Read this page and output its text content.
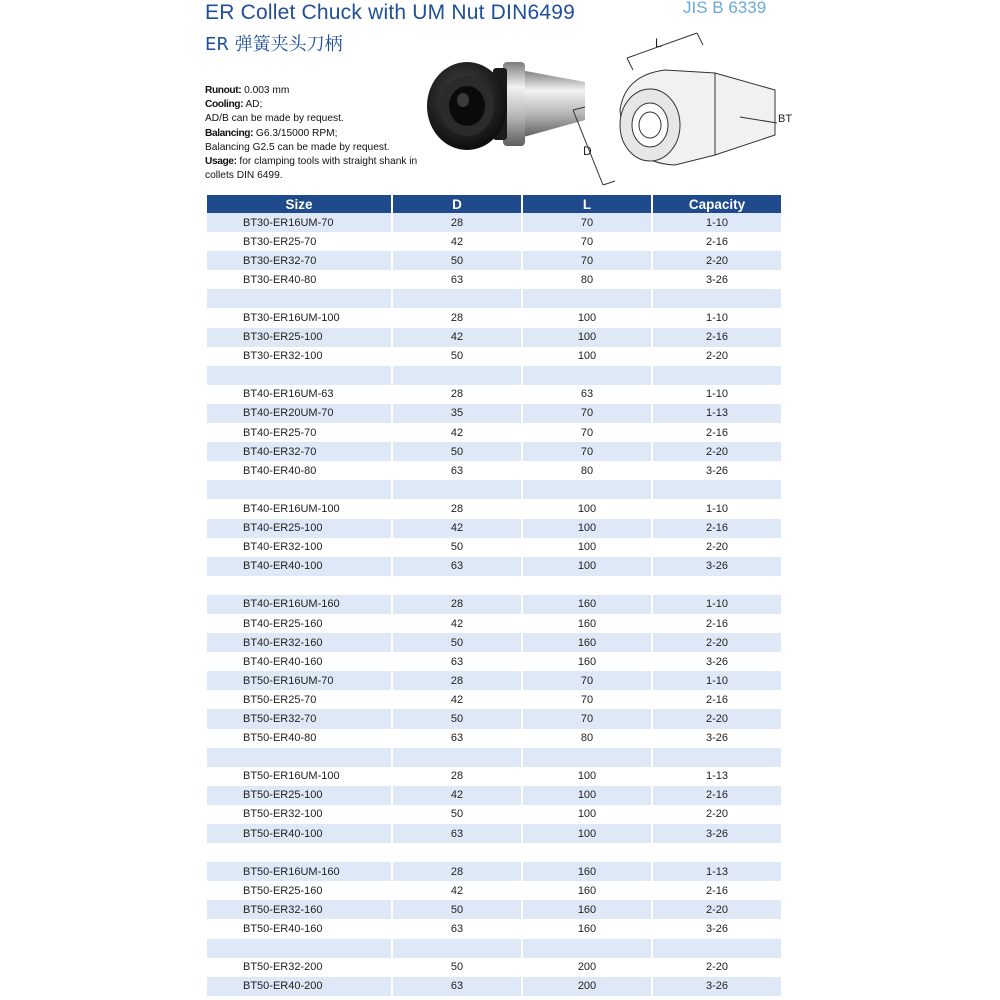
ER Collet Chuck with UM Nut DIN6499
ER 弹簧夹头刀柄
JIS B 6339
Runout: 0.003 mm
Cooling: AD;
AD/B can be made by request.
Balancing: G6.3/15000 RPM;
Balancing G2.5 can be made by request.
Usage: for clamping tools with straight shank in collets DIN 6499.
L
D
BT
Size	D	L	Capacity
BT30-ER16UM-70	28	70	1-10
BT30-ER25-70	42	70	2-16
BT30-ER32-70	50	70	2-20
BT30-ER40-80	63	80	3-26

BT30-ER16UM-100	28	100	1-10
BT30-ER25-100	42	100	2-16
BT30-ER32-100	50	100	2-20

BT40-ER16UM-63	28	63	1-10
BT40-ER20UM-70	35	70	1-13
BT40-ER25-70	42	70	2-16
BT40-ER32-70	50	70	2-20
BT40-ER40-80	63	80	3-26

BT40-ER16UM-100	28	100	1-10
BT40-ER25-100	42	100	2-16
BT40-ER32-100	50	100	2-20
BT40-ER40-100	63	100	3-26

BT40-ER16UM-160	28	160	1-10
BT40-ER25-160	42	160	2-16
BT40-ER32-160	50	160	2-20
BT40-ER40-160	63	160	3-26
BT50-ER16UM-70	28	70	1-10
BT50-ER25-70	42	70	2-16
BT50-ER32-70	50	70	2-20
BT50-ER40-80	63	80	3-26

BT50-ER16UM-100	28	100	1-13
BT50-ER25-100	42	100	2-16
BT50-ER32-100	50	100	2-20
BT50-ER40-100	63	100	3-26

BT50-ER16UM-160	28	160	1-13
BT50-ER25-160	42	160	2-16
BT50-ER32-160	50	160	2-20
BT50-ER40-160	63	160	3-26

BT50-ER32-200	50	200	2-20
BT50-ER40-200	63	200	3-26
